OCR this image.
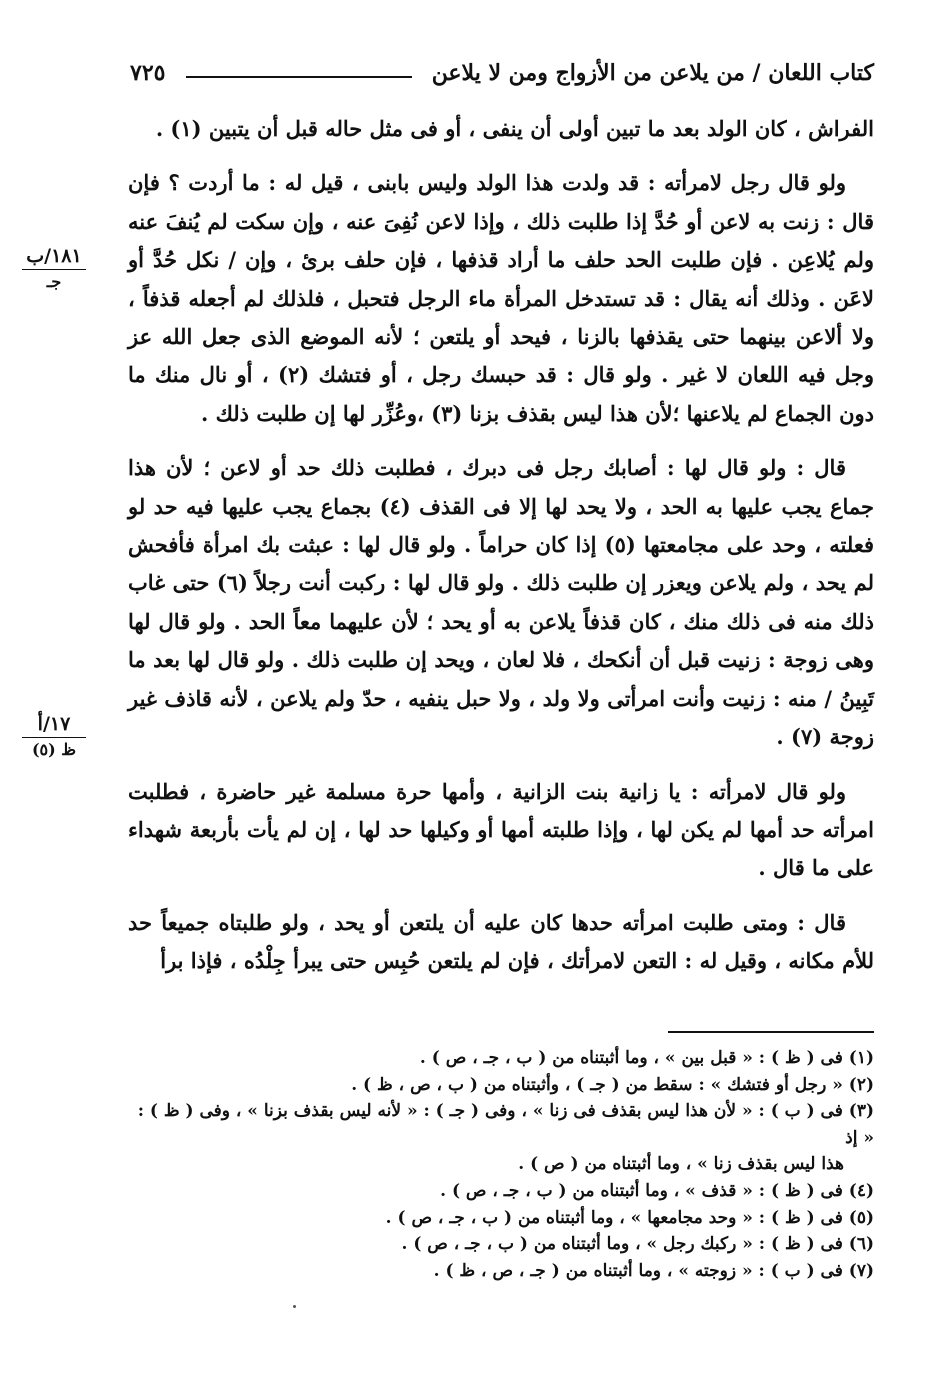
كتاب اللعان / من يلاعن من الأزواج ومن لا يلاعن
٧٢٥
١٨١/ب
جـ
١٧/أ
ظ (٥)

الفراش ، كان الولد بعد ما تبين أولى أن ينفى ، أو فى مثل حاله قبل أن يتبين (١) .

ولو قال رجل لامرأته : قد ولدت هذا الولد وليس بابنى ، قيل له : ما أردت ؟ فإن قال : زنت به لاعن أو حُدَّ إذا طلبت ذلك ، وإذا لاعن نُفِىَ عنه ، وإن سكت لم يُنفَ عنه ولم يُلاعِن . فإن طلبت الحد حلف ما أراد قذفها ، فإن حلف برئ ، وإن / نكل حُدَّ أو لاعَن . وذلك أنه يقال : قد تستدخل المرأة ماء الرجل فتحبل ، فلذلك لم أجعله قذفاً ، ولا ألاعن بينهما حتى يقذفها بالزنا ، فيحد أو يلتعن ؛ لأنه الموضع الذى جعل الله عز وجل فيه اللعان لا غير . ولو قال : قد حبسك رجل ، أو فتشك (٢) ، أو نال منك ما دون الجماع لم يلاعنها ؛لأن هذا ليس بقذف بزنا (٣) ،وعُزِّر لها إن طلبت ذلك .

قال : ولو قال لها : أصابك رجل فى دبرك ، فطلبت ذلك حد أو لاعن ؛ لأن هذا جماع يجب عليها به الحد ، ولا يحد لها إلا فى القذف (٤) بجماع يجب عليها فيه حد لو فعلته ، وحد على مجامعتها (٥) إذا كان حراماً . ولو قال لها : عبثت بك امرأة فأفحش لم يحد ، ولم يلاعن ويعزر إن طلبت ذلك . ولو قال لها : ركبت أنت رجلاً (٦) حتى غاب ذلك منه فى ذلك منك ، كان قذفاً يلاعن به أو يحد ؛ لأن عليهما معاً الحد . ولو قال لها وهى زوجة : زنيت قبل أن أنكحك ، فلا لعان ، ويحد إن طلبت ذلك . ولو قال لها بعد ما تَبِينُ / منه : زنيت وأنت امرأتى ولا ولد ، ولا حبل ينفيه ، حدّ ولم يلاعن ، لأنه قاذف غير زوجة (٧) .

ولو قال لامرأته : يا زانية بنت الزانية ، وأمها حرة مسلمة غير حاضرة ، فطلبت امرأته حد أمها لم يكن لها ، وإذا طلبته أمها أو وكيلها حد لها ، إن لم يأت بأربعة شهداء على ما قال .

قال : ومتى طلبت امرأته حدها كان عليه أن يلتعن أو يحد ، ولو طلبتاه جميعاً حد للأم مكانه ، وقيل له : التعن لامرأتك ، فإن لم يلتعن حُبِس حتى يبرأ جِلْدُه ، فإذا برأ

(١) فى ( ظ ) : « قبل بين » ، وما أثبتناه من ( ب ، جـ ، ص ) .

(٢) « رجل أو فتشك » : سقط من ( جـ ) ، وأثبتناه من ( ب ، ص ، ظ ) .

(٣) فى ( ب ) : « لأن هذا ليس بقذف فى زنا » ، وفى ( جـ ) : « لأنه ليس بقذف بزنا » ، وفى ( ظ ) : « إذ

هذا ليس بقذف زنا » ، وما أثبتناه من ( ص ) .

(٤) فى ( ظ ) : « قذف » ، وما أثبتناه من ( ب ، جـ ، ص ) .

(٥) فى ( ظ ) : « وحد مجامعها » ، وما أثبتناه من ( ب ، جـ ، ص ) .

(٦) فى ( ظ ) : « ركبك رجل » ، وما أثبتناه من ( ب ، جـ ، ص ) .

(٧) فى ( ب ) : « زوجته » ، وما أثبتناه من ( جـ ، ص ، ظ ) .
